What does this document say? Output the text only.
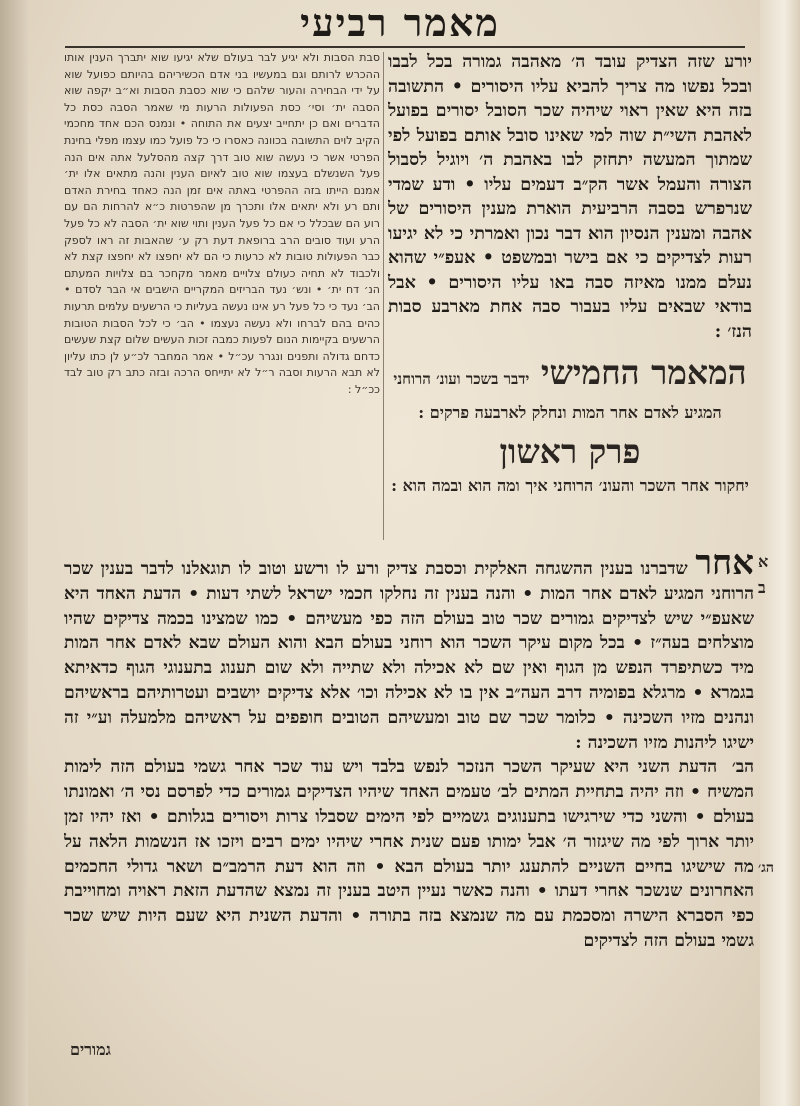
מאמר רביעי

יורע שזה הצדיק עובד ה׳ מאהבה גמורה בכל לבבו ובכל נפשו מה צריך להביא עליו היסורים • התשובה בזה היא שאין ראוי שיהיה שכר הסובל יסורים בפועל לאהבת השי״ת שוה למי שאינו סובל אותם בפועל לפי שמתוך המעשה יתחזק לבו באהבת ה׳ ויוגיל לסבול הצורה והעמל אשר הק״ב דעמים עליו • ודע שמדי שנרפרש בסבה הרביעית הוארת מענין היסורים של אהבה ומענין הנסיון הוא דבר נכון ואמרתי כי לא יגיעו רעות לצדיקים כי אם בישר ובמשפט • אעפ״י שהוא נעלם ממנו מאיזה סבה באו עליו היסורים • אבל בודאי שבאים עליו בעבור סבה אחת מארבע סבות הנז׳ :

המאמר החמישי ידבר בשכר ועונ׳ הרוחני
המגיע לאדם אחר המות ונחלק לארבעה פרקים :
פרק ראשון
יחקור אחר השכר והעונ׳ הרוחני איך ומה הוא ובמה הוא :

סבת הסבות ולא יגיע לבר בעולם שלא יגיעו שוא יתברך הענין אותו ההכרש לרותם וגם במעשיו בני אדם הכשיריהם בהיותם כפועל שוא על ידי הבחירה והעור שלהם כי שוא כסבת הסבות וא״ב יקפה שוא הסבה ית׳ וסי׳ כסת הפעולות הרעות מי שאמר הסבה כסת כל הדברים ואם כן יתחייב יצעים את התוחה • ונמנס הכם אחד מחכמי הקיב לוים התשובה בכוונה כאסרו כי כל פועל כמו עצמו מפלי בחינת הפרטי אשר כי נעשה שוא טוב דרך קצה מהסלעל אתה אים הנה פעל השנשלם בעצמו שוא טוב לאיום הענין והנה מתאים אלו ית׳ אמנם הייתו בזה ההפרטי באתה אים זמן הנה כאחד בחירת האדם ותם רע ולא יתאים אלו ותכרך מן שהפרטות כ״א להרחות הם עם רוע הם שבכלל כי אם כל פעל הענין ותוי שוא ית׳ הסבה לא כל פעל הרע ועוד סובים הרב ברופאת דעת רק ע׳ שהאבות זה ראו לספק כבר הפעולות טובות לא כרעות כי הם לא יחפצו לא יחפצו קצת לא ולכבוד לא תחיה כעולם צלויים מאמר מקחכר בם צלויות המעתם הנ׳ דח ית׳ • ונש׳ נעד הבריזים המקריים הישבים אי הבר לסדם • הב׳ נעד כי כל פעל רע אינו נעשה בעליות כי הרשעים עלמים תרעות כהים בהם לברחו ולא נעשה נעצמו • הב׳ כי לכל הסבות הטובות הרשעים בקיימות הנום לפעות כמבה זכות העשים שלום קצת שעשים כדחם גדולה ותפנים ונגרר עכ״ל • אמר המחבר לכ״ע לן כתו עליון לא תבא הרעות וסבה ר״ל לא יתייחס הרכה ובזה כתב רק טוב לבד ככ״ל :

א
ב

אחר שדברנו בענין ההשגחה האלקית וכסבת צדיק ורע לו ורשע וטוב לו תוגאלנו לדבר בענין שכר הרוחני המגיע לאדם אחר המות • והנה בענין זה נחלקו חכמי ישראל לשתי דעות • הדעת האחד היא שאעפ״י שיש לצדיקים גמורים שכר טוב בעולם הזה כפי מעשיהם • כמו שמצינו בכמה צדיקים שהיו מוצלחים בעה״ז • בכל מקום עיקר השכר הוא רוחני בעולם הבא והוא העולם שבא לאדם אחר המות מיד כשתיפרד הנפש מן הגוף ואין שם לא אכילה ולא שתייה ולא שום תענוג בתענוגי הגוף כדאיתא בגמרא • מרגלא בפומיה דרב העה״ב אין בו לא אכילה וכו׳ אלא צדיקים יושבים ועטרותיהם בראשיהם ונהנים מזיו השכינה • כלומר שכר שם טוב ומעשיהם הטובים חופפים על ראשיהם מלמעלה וע״י זה ישיגו ליהנות מזיו השכינה :

הב׳ הדעת השני היא שעיקר השכר הנזכר לנפש בלבד ויש עוד שכר אחר גשמי בעולם הזה לימות המשיח • וזה יהיה בתחיית המתים לב׳ טעמים האחד שיהיו הצדיקים גמורים כדי לפרסם נסי ה׳ ואמונתו בעולם • והשני כדי שירגישו בתענוגים גשמיים לפי הימים שסבלו צרות ויסורים בגלותם • ואז יהיו זמן יותר ארוך לפי מה שיגזור ה׳ אבל ימותו פעם שנית אחרי שיהיו ימים רבים ויזכו אז הנשמות הלאה על מה שישיגו בחיים השניים להתענג יותר בעולם הבא • וזה הוא דעת הרמב״ם ושאר גדולי החכמים האחרונים שנשכר אחרי דעתו • והנה כאשר נעיין היטב בענין זה נמצא שהדעת הזאת ראויה ומחוייבת כפי הסברא הישרה ומסכמת עם מה שנמצא בזה בתורה • והדעת השנית היא שעם היות שיש שכר גשמי בעולם הזה לצדיקים

הג׳
גמורים
